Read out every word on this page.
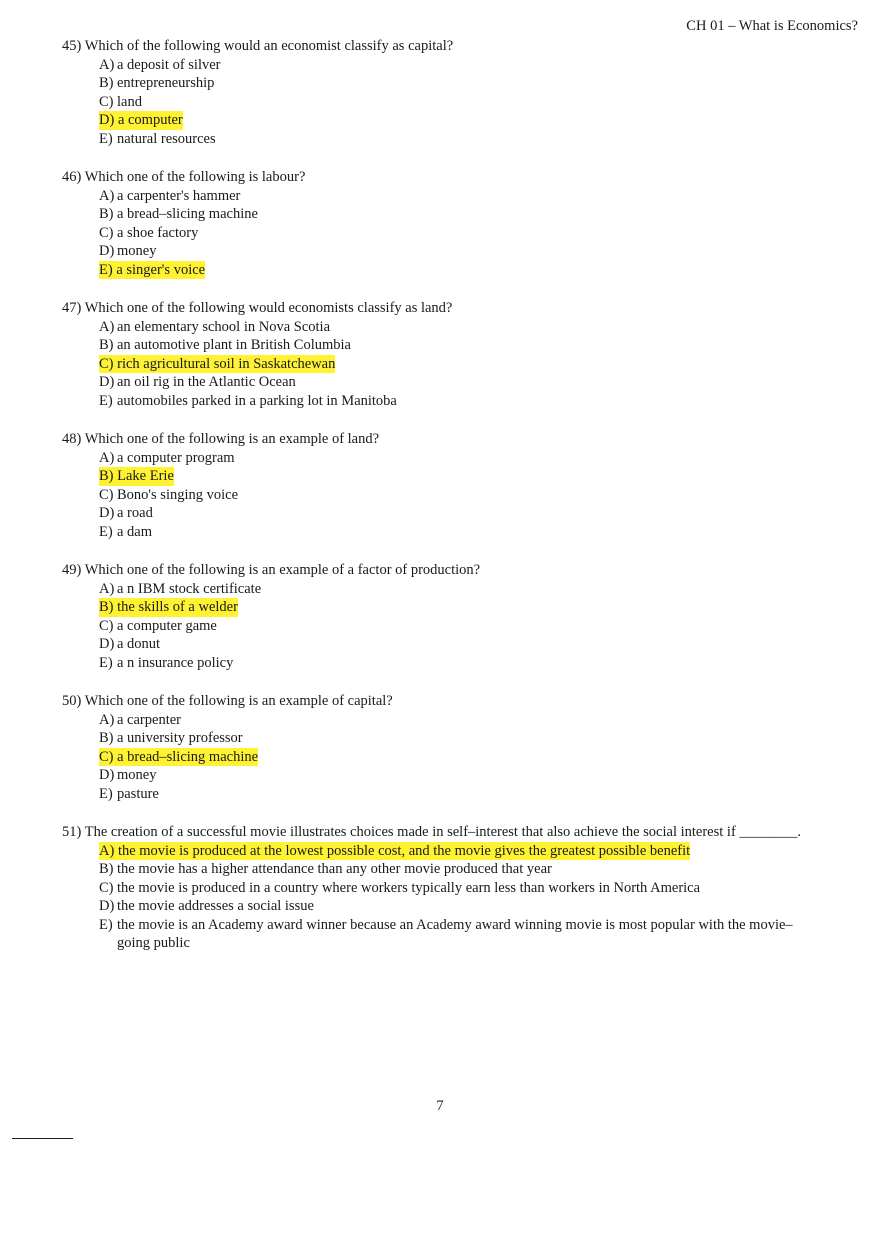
CH 01 – What is Economics?
45) Which of the following would an economist classify as capital?
A) a deposit of silver
B) entrepreneurship
C) land
D) a computer
E) natural resources
46) Which one of the following is labour?
A) a carpenter's hammer
B) a bread–slicing machine
C) a shoe factory
D) money
E) a singer's voice
47) Which one of the following would economists classify as land?
A) an elementary school in Nova Scotia
B) an automotive plant in British Columbia
C) rich agricultural soil in Saskatchewan
D) an oil rig in the Atlantic Ocean
E) automobiles parked in a parking lot in Manitoba
48) Which one of the following is an example of land?
A) a computer program
B) Lake Erie
C) Bono's singing voice
D) a road
E) a dam
49) Which one of the following is an example of a factor of production?
A) a n IBM stock certificate
B) the skills of a welder
C) a computer game
D) a donut
E) a n insurance policy
50) Which one of the following is an example of capital?
A) a carpenter
B) a university professor
C) a bread–slicing machine
D) money
E) pasture
51) The creation of a successful movie illustrates choices made in self–interest that also achieve the social interest if ________.
A) the movie is produced at the lowest possible cost, and the movie gives the greatest possible benefit
B) the movie has a higher attendance than any other movie produced that year
C) the movie is produced in a country where workers typically earn less than workers in North America
D) the movie addresses a social issue
E) the movie is an Academy award winner because an Academy award winning movie is most popular with the movie–going public
7
